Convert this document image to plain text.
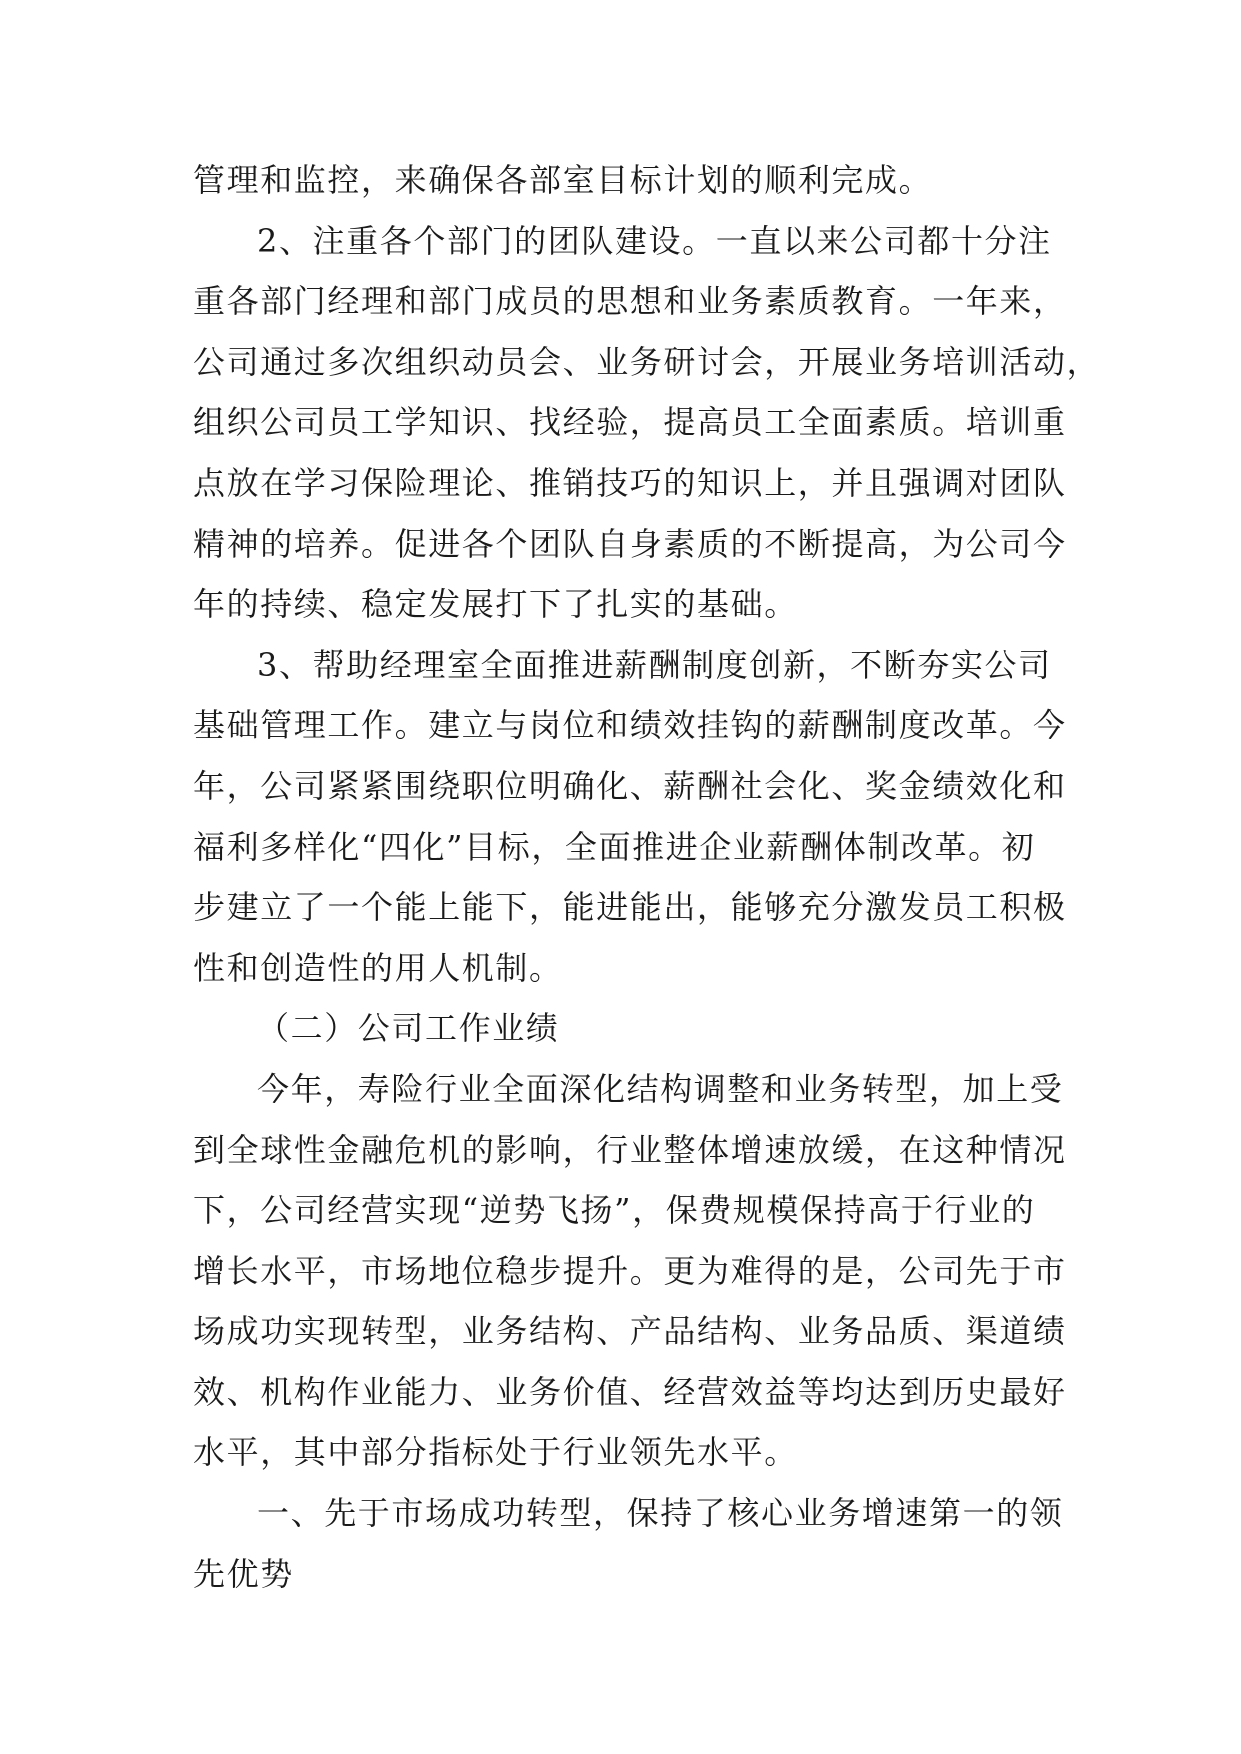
管理和监控，来确保各部室目标计划的顺利完成。
2、注重各个部门的团队建设。一直以来公司都十分注
重各部门经理和部门成员的思想和业务素质教育。一年来，
公司通过多次组织动员会、业务研讨会，开展业务培训活动，
组织公司员工学知识、找经验，提高员工全面素质。培训重
点放在学习保险理论、推销技巧的知识上，并且强调对团队
精神的培养。促进各个团队自身素质的不断提高，为公司今
年的持续、稳定发展打下了扎实的基础。
3、帮助经理室全面推进薪酬制度创新，不断夯实公司
基础管理工作。建立与岗位和绩效挂钩的薪酬制度改革。今
年，公司紧紧围绕职位明确化、薪酬社会化、奖金绩效化和
福利多样化“四化”目标，全面推进企业薪酬体制改革。初
步建立了一个能上能下，能进能出，能够充分激发员工积极
性和创造性的用人机制。
（二）公司工作业绩
今年，寿险行业全面深化结构调整和业务转型，加上受
到全球性金融危机的影响，行业整体增速放缓，在这种情况
下，公司经营实现“逆势飞扬”，保费规模保持高于行业的
增长水平，市场地位稳步提升。更为难得的是，公司先于市
场成功实现转型，业务结构、产品结构、业务品质、渠道绩
效、机构作业能力、业务价值、经营效益等均达到历史最好
水平，其中部分指标处于行业领先水平。
一、先于市场成功转型，保持了核心业务增速第一的领
先优势
